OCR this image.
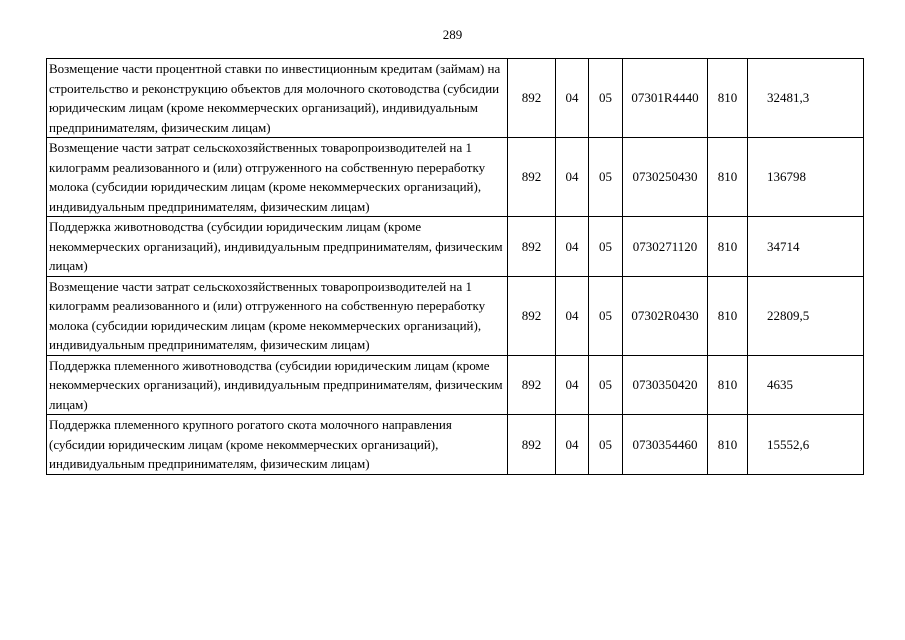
289
Возмещение части процентной ставки по инвестиционным кредитам (займам) на строительство и реконструкцию объектов для молочного скотоводства (субсидии юридическим лицам (кроме некоммерческих организаций), индивидуальным предпринимателям, физическим лицам)	892	04	05	07301R4440	810	32481,3
Возмещение части затрат сельскохозяйственных товаропроизводителей на 1 килограмм реализованного и (или) отгруженного на собственную переработку молока (субсидии юридическим лицам (кроме некоммерческих организаций), индивидуальным предпринимателям, физическим лицам)	892	04	05	0730250430	810	136798
Поддержка животноводства (субсидии юридическим лицам (кроме некоммерческих организаций), индивидуальным предпринимателям, физическим лицам)	892	04	05	0730271120	810	34714
Возмещение части затрат сельскохозяйственных товаропроизводителей на 1 килограмм реализованного и (или) отгруженного на собственную переработку молока (субсидии юридическим лицам (кроме некоммерческих организаций), индивидуальным предпринимателям, физическим лицам)	892	04	05	07302R0430	810	22809,5
Поддержка племенного животноводства (субсидии юридическим лицам (кроме некоммерческих организаций), индивидуальным предпринимателям, физическим лицам)	892	04	05	0730350420	810	4635
Поддержка племенного крупного рогатого скота молочного направления (субсидии юридическим лицам (кроме некоммерческих организаций), индивидуальным предпринимателям, физическим лицам)	892	04	05	0730354460	810	15552,6
